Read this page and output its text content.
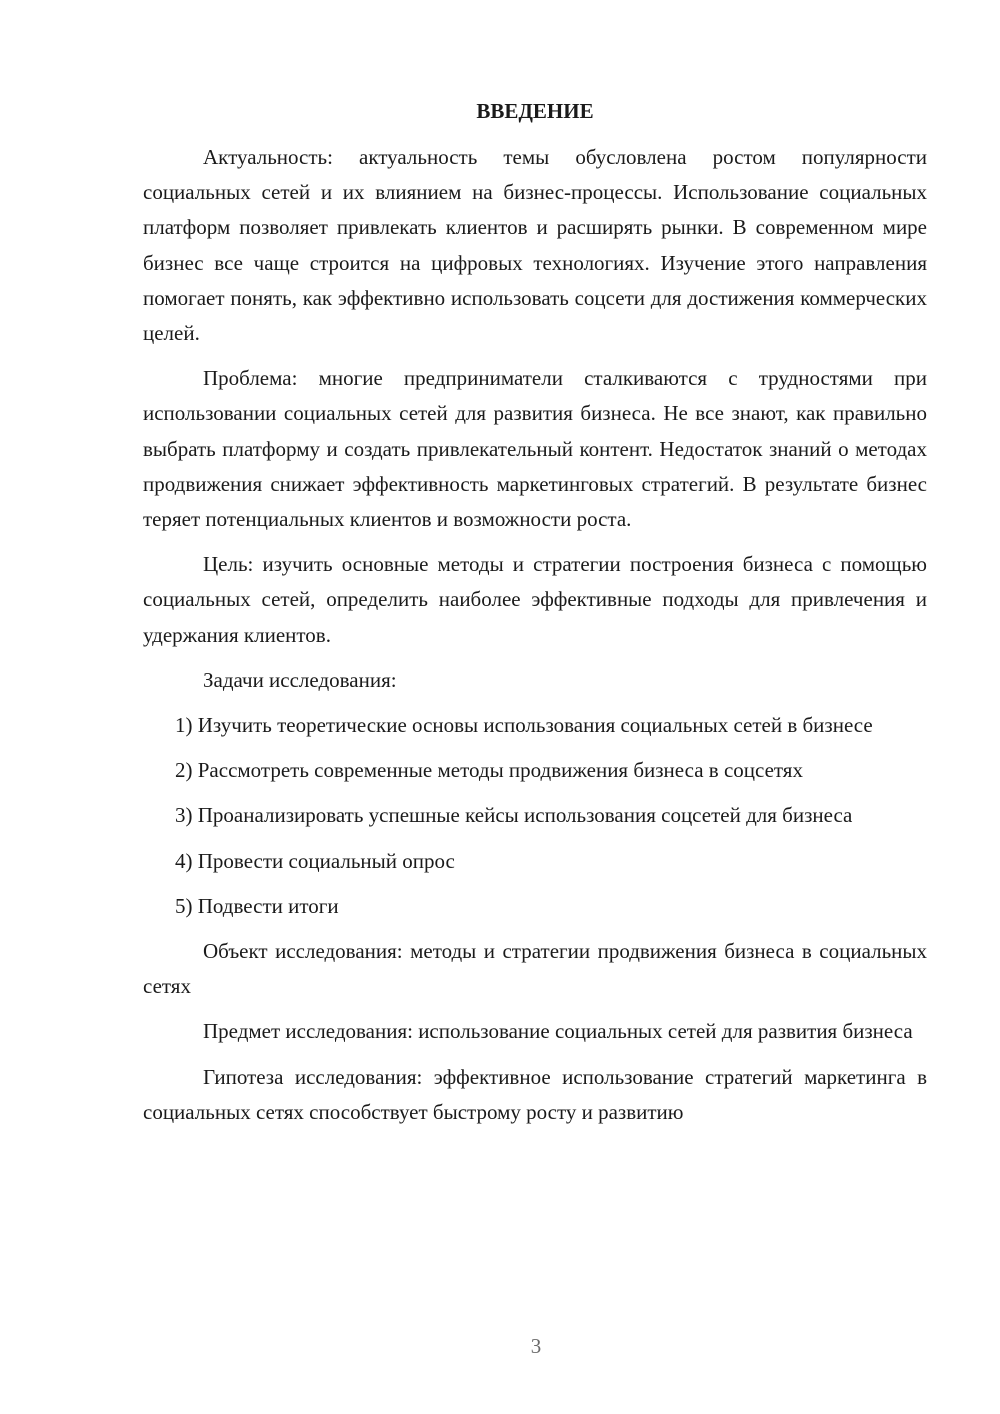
ВВЕДЕНИЕ

Актуальность: актуальность темы обусловлена ростом популярности социальных сетей и их влиянием на бизнес-процессы. Использование социальных платформ позволяет привлекать клиентов и расширять рынки. В современном мире бизнес все чаще строится на цифровых технологиях. Изучение этого направления помогает понять, как эффективно использовать соцсети для достижения коммерческих целей.

Проблема: многие предприниматели сталкиваются с трудностями при использовании социальных сетей для развития бизнеса. Не все знают, как правильно выбрать платформу и создать привлекательный контент. Недостаток знаний о методах продвижения снижает эффективность маркетинговых стратегий. В результате бизнес теряет потенциальных клиентов и возможности роста.

Цель: изучить основные методы и стратегии построения бизнеса с помощью социальных сетей, определить наиболее эффективные подходы для привлечения и удержания клиентов.

Задачи исследования:

1) Изучить теоретические основы использования социальных сетей в бизнесе

2) Рассмотреть современные методы продвижения бизнеса в соцсетях

3) Проанализировать успешные кейсы использования соцсетей для бизнеса

4) Провести социальный опрос

5) Подвести итоги

Объект исследования: методы и стратегии продвижения бизнеса в социальных сетях

Предмет исследования: использование социальных сетей для развития бизнеса

Гипотеза исследования: эффективное использование стратегий маркетинга в социальных сетях способствует быстрому росту и развитию

3
